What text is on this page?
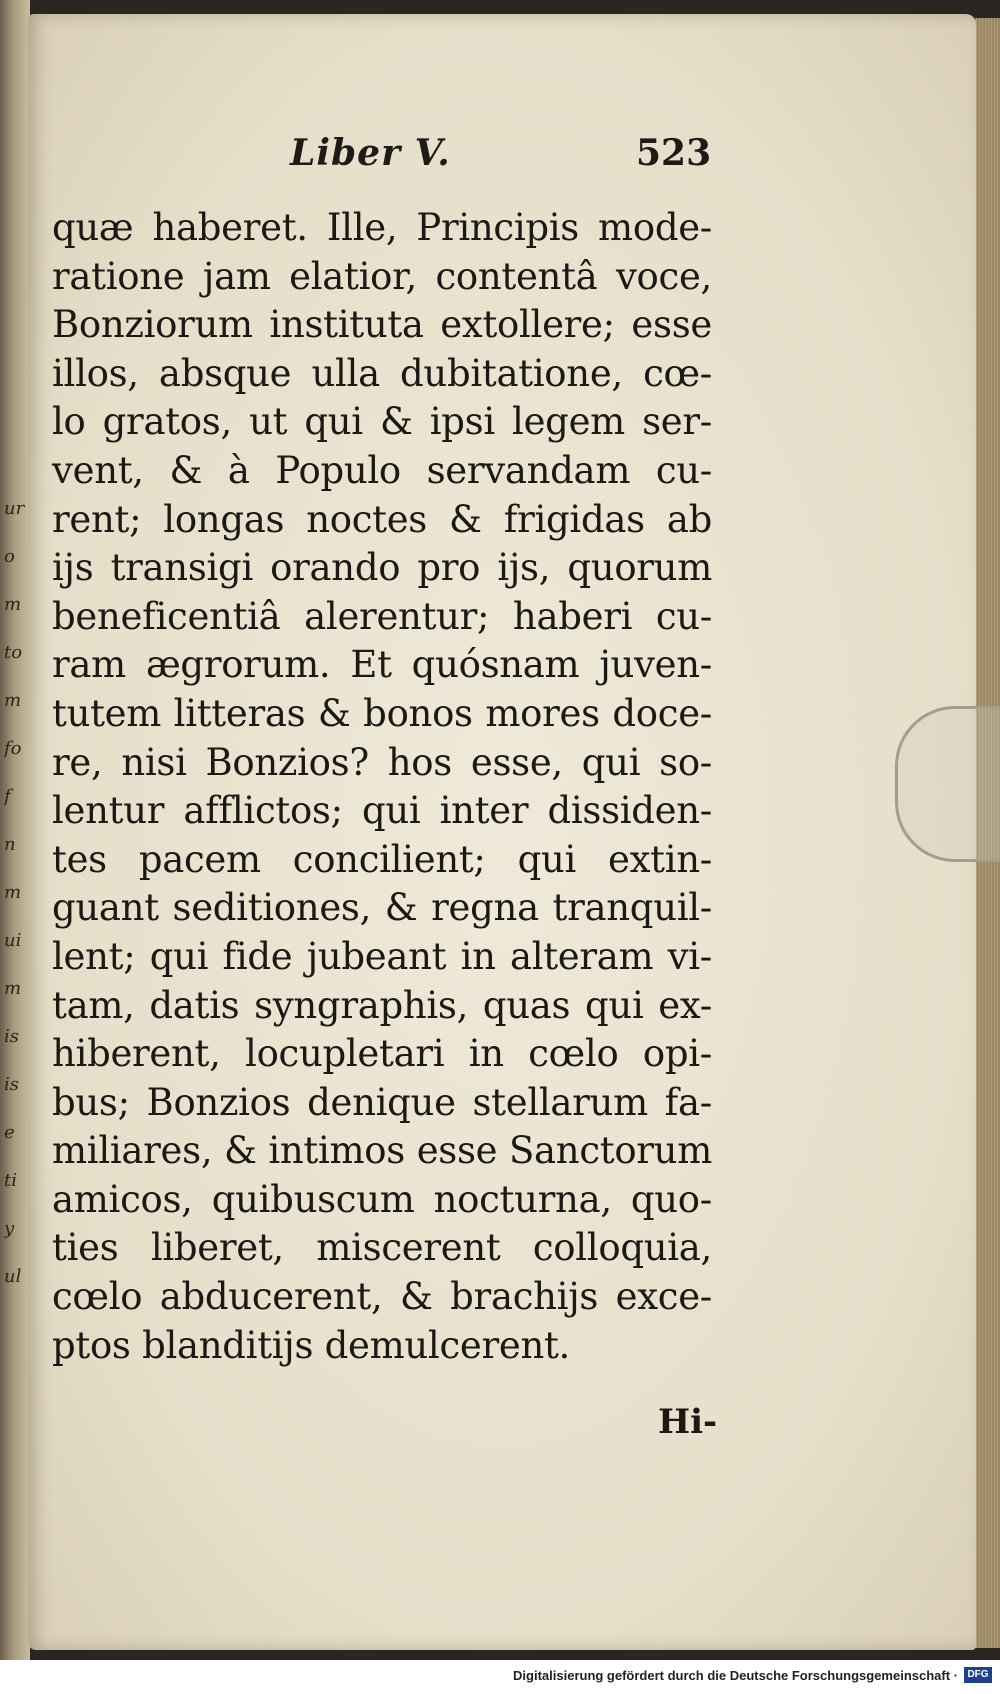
ur
o
m
to
m
fo
f
n
m
ui
m
is
is
e
ti
y
ul
Liber V.	523
quæ haberet. Ille, Principis mode-
ratione jam elatior, contentâ voce,
Bonziorum instituta extollere; esse
illos, absque ulla dubitatione, cœ-
lo gratos, ut qui & ipsi legem ser-
vent, & à Populo servandam cu-
rent; longas noctes & frigidas ab
ijs transigi orando pro ijs, quorum
beneficentiâ alerentur; haberi cu-
ram ægrorum. Et quósnam juven-
tutem litteras & bonos mores doce-
re, nisi Bonzios? hos esse, qui so-
lentur afflictos; qui inter dissiden-
tes pacem concilient; qui extin-
guant seditiones, & regna tranquil-
lent; qui fide jubeant in alteram vi-
tam, datis syngraphis, quas qui ex-
hiberent, locupletari in cœlo opi-
bus; Bonzios denique stellarum fa-
miliares, & intimos esse Sanctorum
amicos, quibuscum nocturna, quo-
ties liberet, miscerent colloquia,
cœlo abducerent, & brachijs exce-
ptos blanditijs demulcerent.
Hi-
Digitalisierung gefördert durch die Deutsche Forschungsgemeinschaft · DFG
